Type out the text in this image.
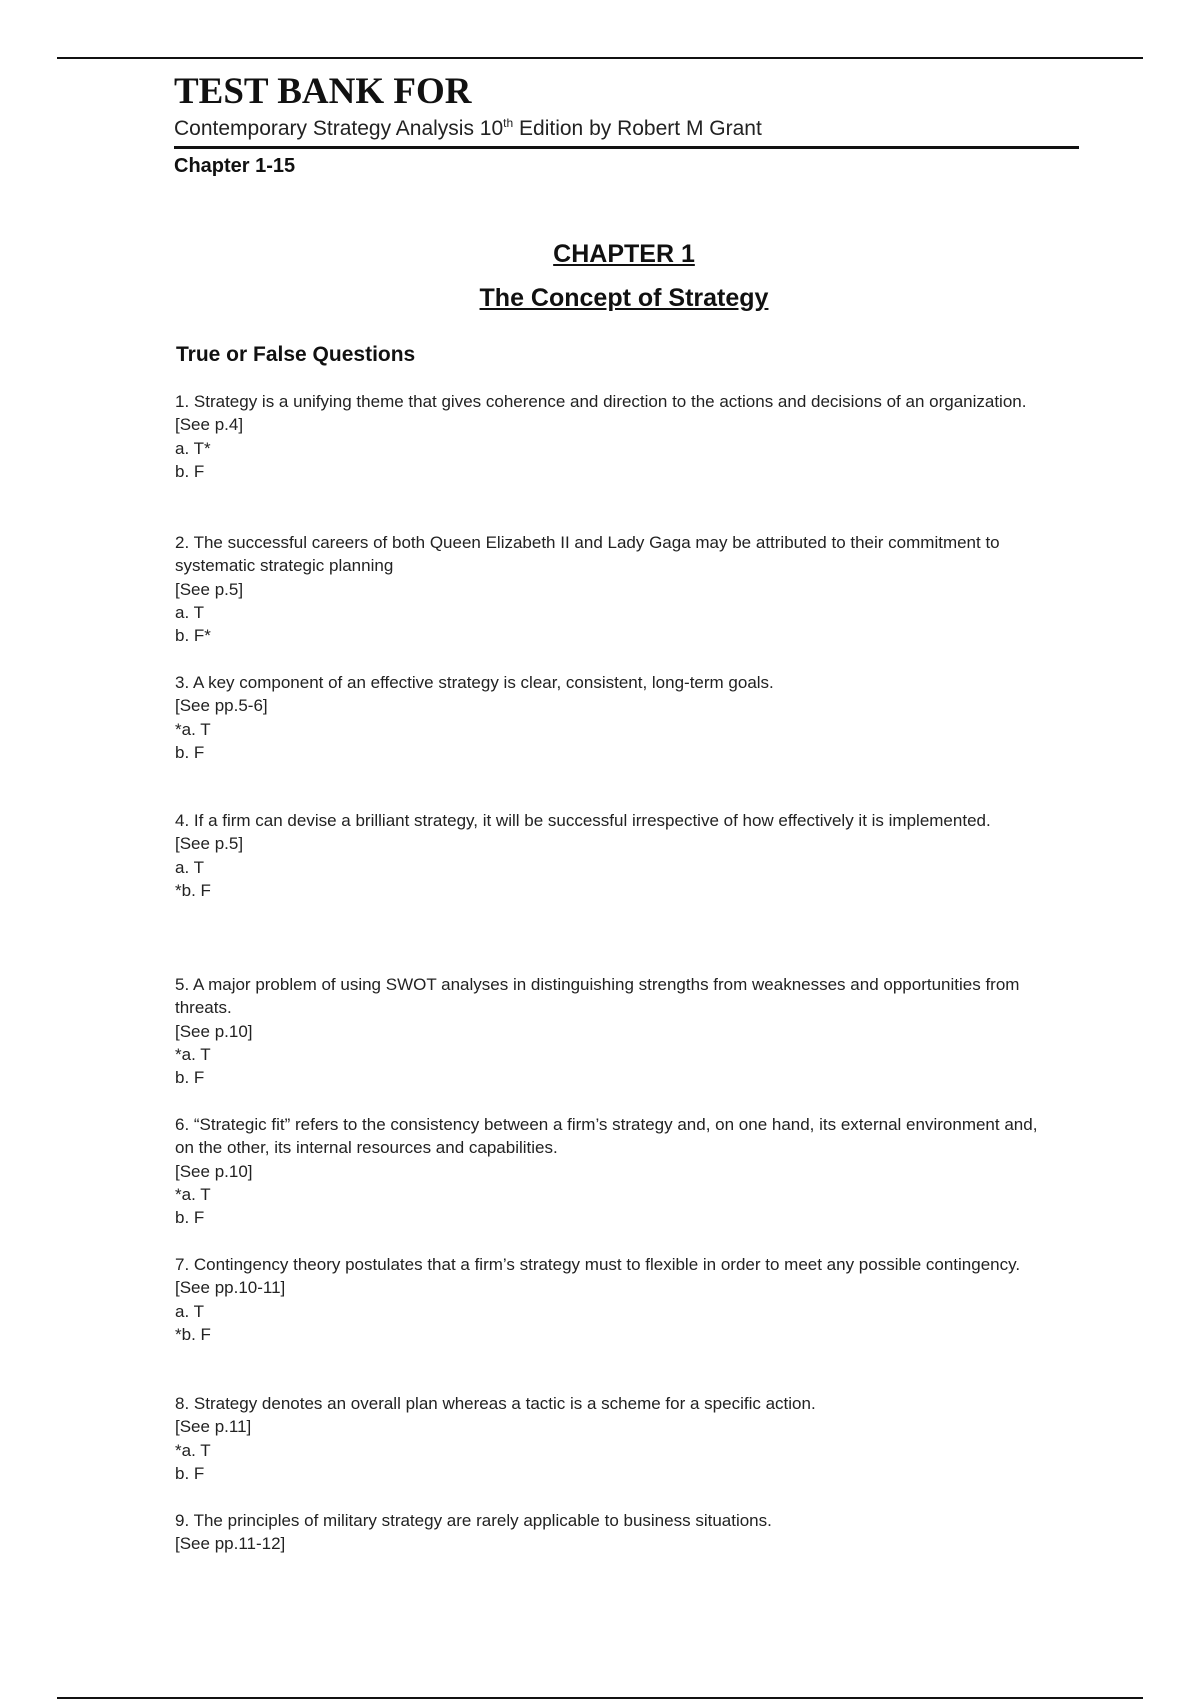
TEST BANK FOR
Contemporary Strategy Analysis 10th Edition by Robert M Grant
Chapter 1-15
CHAPTER 1
The Concept of Strategy
True or False Questions
1. Strategy is a unifying theme that gives coherence and direction to the actions and decisions of an organization.
[See p.4]
a. T*
b. F
2. The successful careers of both Queen Elizabeth II and Lady Gaga may be attributed to their commitment to systematic strategic planning
[See p.5]
a. T
b. F*
3. A key component of an effective strategy is clear, consistent, long-term goals.
[See pp.5-6]
*a. T
b. F
4. If a firm can devise a brilliant strategy, it will be successful irrespective of how effectively it is implemented.
[See p.5]
a. T
*b. F
5. A major problem of using SWOT analyses in distinguishing strengths from weaknesses and opportunities from threats.
[See p.10]
*a. T
b. F
6. “Strategic fit” refers to the consistency between a firm’s strategy and, on one hand, its external environment and, on the other, its internal resources and capabilities.
[See p.10]
*a. T
b. F
7. Contingency theory postulates that a firm’s strategy must to flexible in order to meet any possible contingency.
[See pp.10-11]
a. T
*b. F
8. Strategy denotes an overall plan whereas a tactic is a scheme for a specific action.
[See p.11]
*a. T
b. F
9. The principles of military strategy are rarely applicable to business situations.
[See pp.11-12]
